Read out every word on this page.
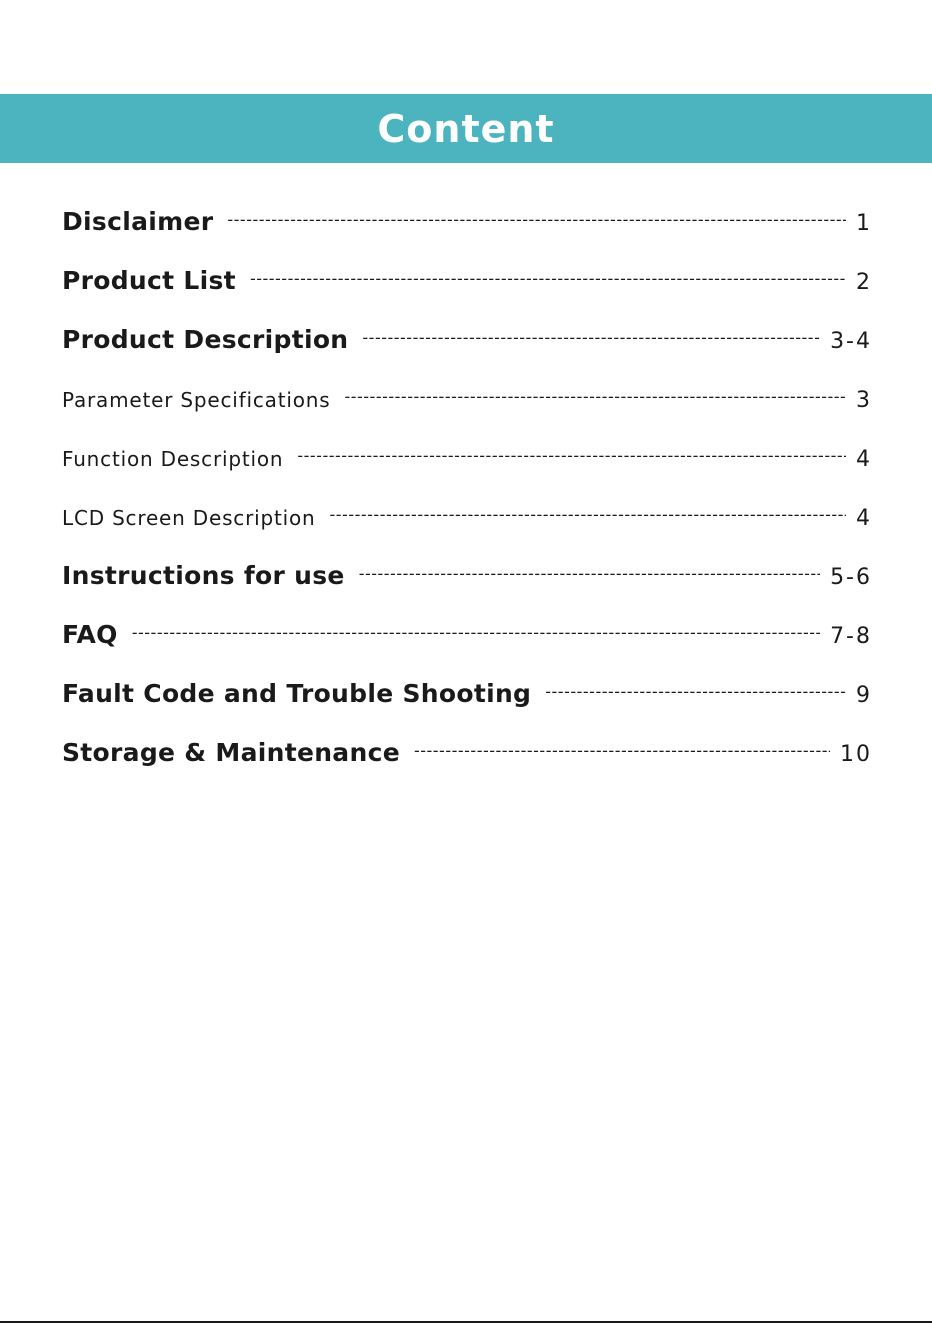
Content
Disclaimer -----	1
Product List -----	2
Product Description -----	3-4
Parameter Specifications -----	3
Function Description -----	4
LCD Screen Description -----	4
Instructions for use -----	5-6
FAQ -----	7-8
Fault Code and Trouble Shooting -----	9
Storage & Maintenance -----	10
